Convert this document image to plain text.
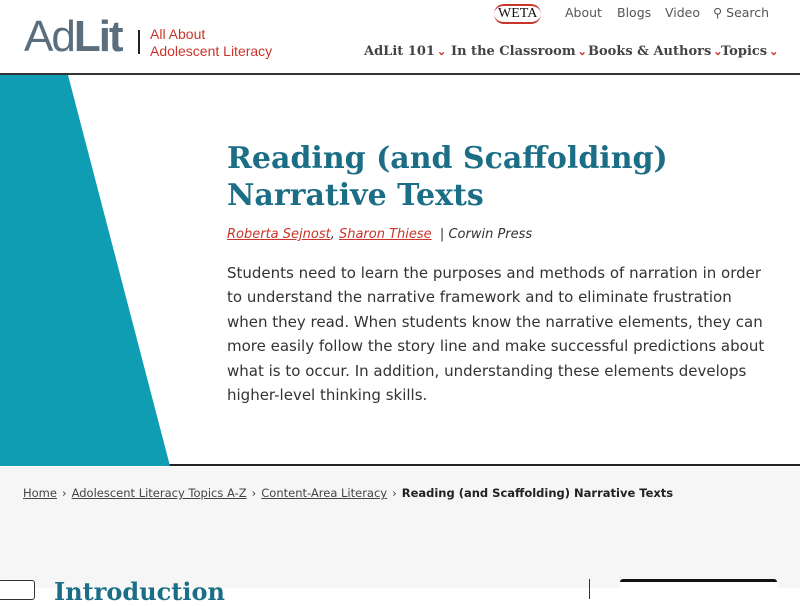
AdLit All About
Adolescent Literacy
WETA	About Blogs Video ⚲ Search
AdLit 101 ⌄ In the Classroom ⌄ Books & Authors ⌄
Topics ⌄
Reading (and Scaffolding) Narrative Texts
Roberta Sejnost, Sharon Thiese  | Corwin Press

Students need to learn the purposes and methods of narration in order to understand the narrative framework and to eliminate frustration when they read. When students know the narrative elements, they can more easily follow the story line and make successful predictions about what is to occur. In addition, understanding these elements develops higher-level thinking skills.

Home › Adolescent Literacy Topics A-Z › Content-Area Literacy › Reading (and Scaffolding) Narrative Texts
Introduction
